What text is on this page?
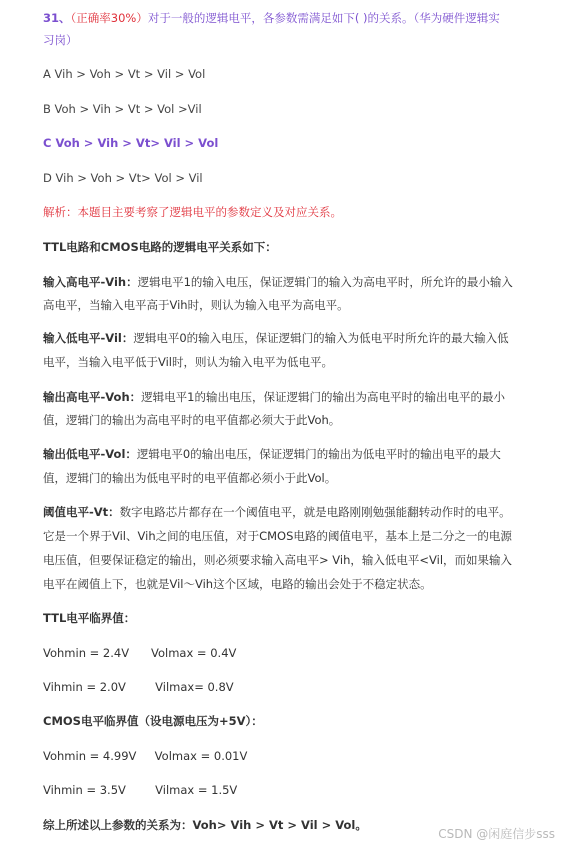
31、（正确率30%）对于一般的逻辑电平，各参数需满足如下( )的关系。（华为硬件逻辑实
习岗）
A Vih > Voh > Vt > Vil > Vol
B Voh > Vih > Vt > Vol >Vil
C Voh > Vih > Vt> Vil > Vol
D Vih > Voh > Vt> Vol > Vil
解析：本题目主要考察了逻辑电平的参数定义及对应关系。
TTL电路和CMOS电路的逻辑电平关系如下：
输入高电平-Vih：逻辑电平1的输入电压，保证逻辑门的输入为高电平时，所允许的最小输入
高电平，当输入电平高于Vih时，则认为输入电平为高电平。
输入低电平-Vil：逻辑电平0的输入电压，保证逻辑门的输入为低电平时所允许的最大输入低
电平，当输入电平低于Vil时，则认为输入电平为低电平。
输出高电平-Voh：逻辑电平1的输出电压，保证逻辑门的输出为高电平时的输出电平的最小
值，逻辑门的输出为高电平时的电平值都必须大于此Voh。
输出低电平-Vol：逻辑电平0的输出电压，保证逻辑门的输出为低电平时的输出电平的最大
值，逻辑门的输出为低电平时的电平值都必须小于此Vol。
阈值电平-Vt：数字电路芯片都存在一个阈值电平，就是电路刚刚勉强能翻转动作时的电平。
它是一个界于Vil、Vih之间的电压值，对于CMOS电路的阈值电平，基本上是二分之一的电源
电压值，但要保证稳定的输出，则必须要求输入高电平> Vih，输入低电平<Vil，而如果输入
电平在阈值上下，也就是Vil～Vih这个区域，电路的输出会处于不稳定状态。
TTL电平临界值：
Vohmin = 2.4V      Volmax = 0.4V
Vihmin = 2.0V        Vilmax= 0.8V
CMOS电平临界值（设电源电压为+5V）：
Vohmin = 4.99V     Volmax = 0.01V
Vihmin = 3.5V        Vilmax = 1.5V
综上所述以上参数的关系为：Voh> Vih > Vt > Vil > Vol。
CSDN @闲庭信步sss
